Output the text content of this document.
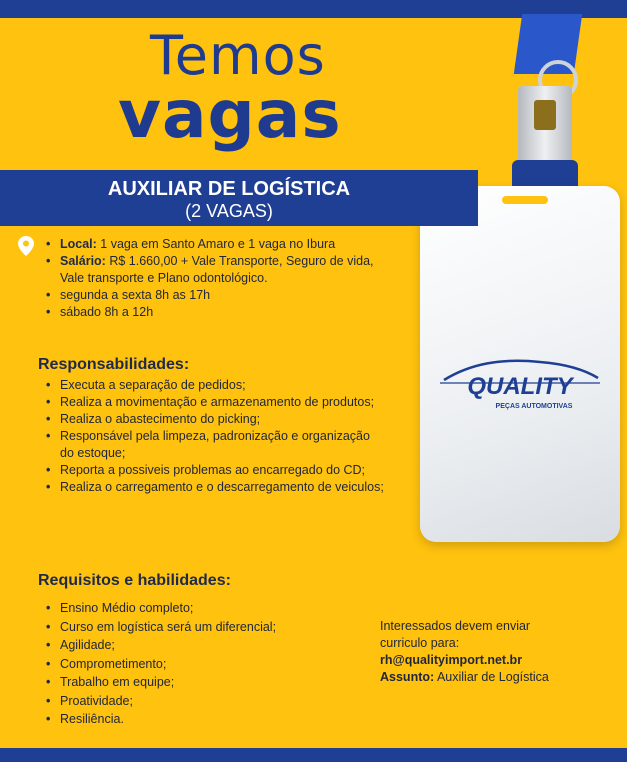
Temos
vagas
QUALITY
PEÇAS AUTOMOTIVAS
AUXILIAR DE LOGÍSTICA
(2 VAGAS)
• Local: 1 vaga em Santo Amaro e 1 vaga no Ibura
• Salário: R$ 1.660,00 + Vale Transporte, Seguro de vida, Vale transporte e Plano odontológico.
• segunda a sexta 8h as 17h
• sábado 8h a 12h
Responsabilidades:
• Executa a separação de pedidos;
• Realiza a movimentação e armazenamento de produtos;
• Realiza o abastecimento do picking;
• Responsável pela limpeza, padronização e organização do estoque;
• Reporta a possiveis problemas ao encarregado do CD;
• Realiza o carregamento e o descarregamento de veiculos;
Requisitos e habilidades:
• Ensino Médio completo;
• Curso em logística será um diferencial;
• Agilidade;
• Comprometimento;
• Trabalho em equipe;
• Proatividade;
• Resiliência.
Interessados devem enviar
curriculo para:
rh@qualityimport.net.br
Assunto: Auxiliar de Logística
